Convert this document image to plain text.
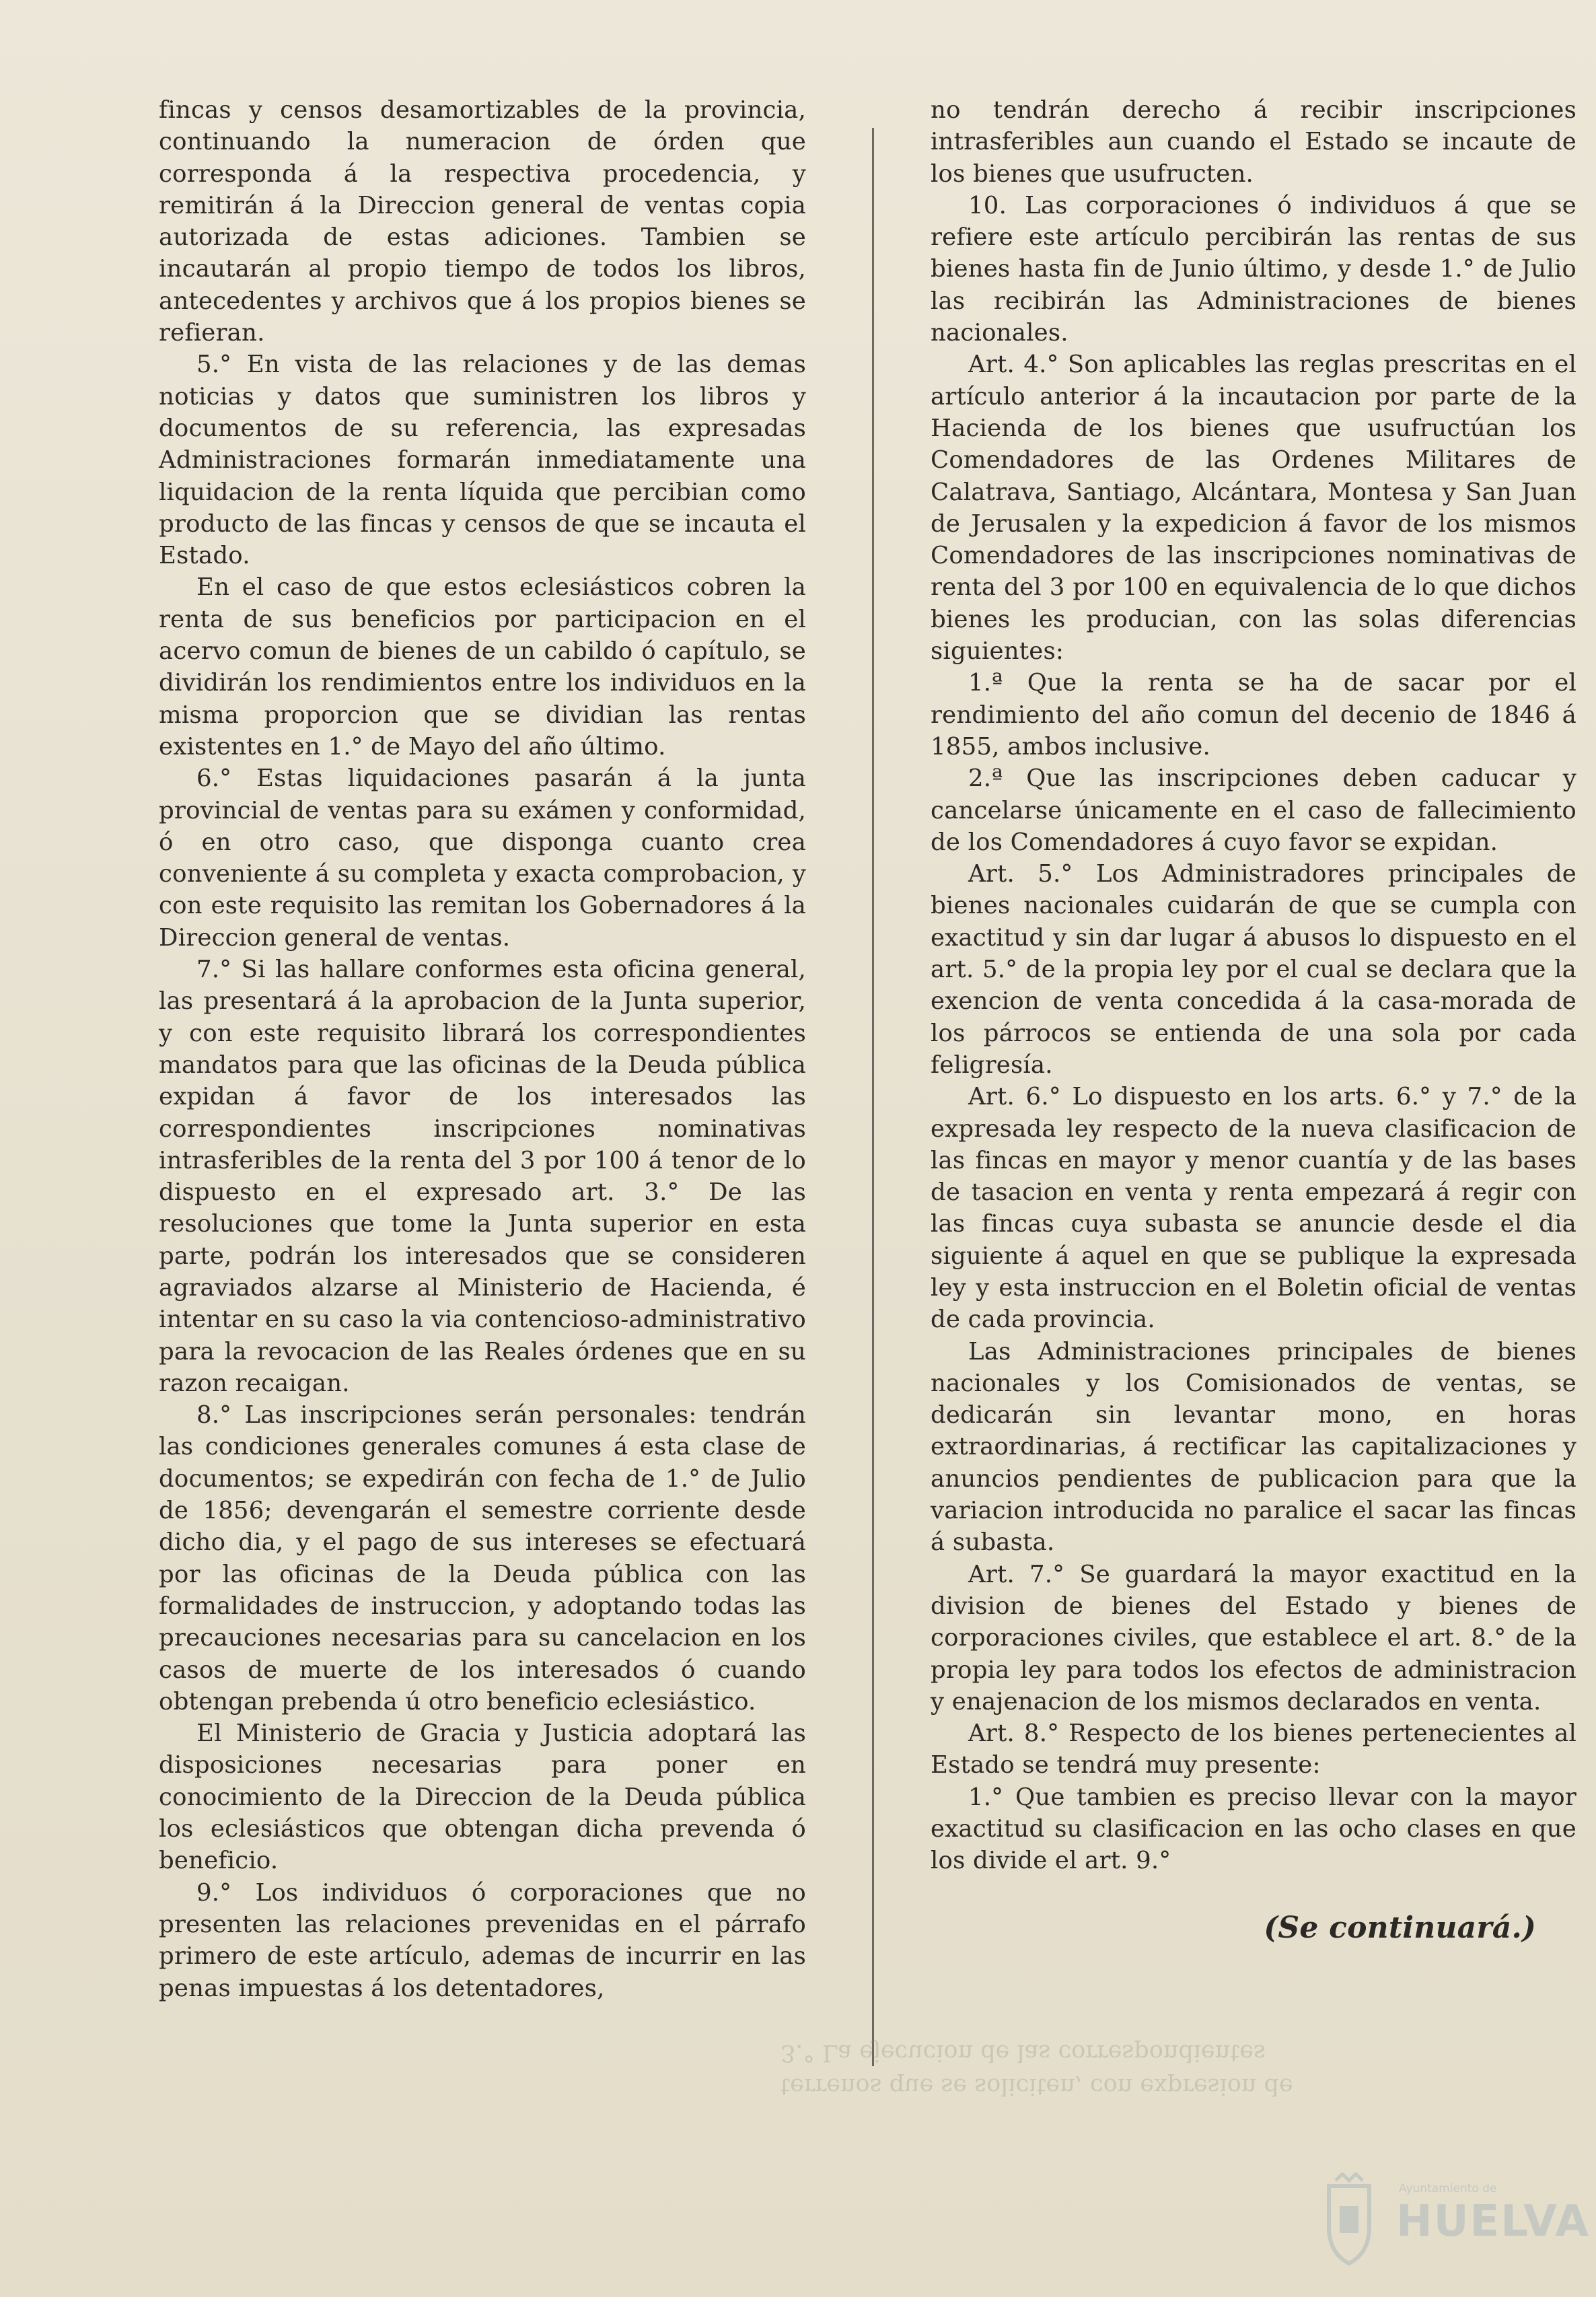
fincas y censos desamortizables de la provincia, continuando la numeracion de órden que corresponda á la respectiva procedencia, y remitirán á la Direccion general de ventas copia autorizada de estas adiciones. Tambien se incautarán al propio tiempo de todos los libros, antecedentes y archivos que á los propios bienes se refieran.

5.° En vista de las relaciones y de las demas noticias y datos que suministren los libros y documentos de su referencia, las expresadas Administraciones formarán inmediatamente una liquidacion de la renta líquida que percibian como producto de las fincas y censos de que se incauta el Estado.

En el caso de que estos eclesiásticos cobren la renta de sus beneficios por participacion en el acervo comun de bienes de un cabildo ó capítulo, se dividirán los rendimientos entre los individuos en la misma proporcion que se dividian las rentas existentes en 1.° de Mayo del año último.

6.° Estas liquidaciones pasarán á la junta provincial de ventas para su exámen y conformidad, ó en otro caso, que disponga cuanto crea conveniente á su completa y exacta comprobacion, y con este requisito las remitan los Gobernadores á la Direccion general de ventas.

7.° Si las hallare conformes esta oficina general, las presentará á la aprobacion de la Junta superior, y con este requisito librará los correspondientes mandatos para que las oficinas de la Deuda pública expidan á favor de los interesados las correspondientes inscripciones nominativas intrasferibles de la renta del 3 por 100 á tenor de lo dispuesto en el expresado art. 3.° De las resoluciones que tome la Junta superior en esta parte, podrán los interesados que se consideren agraviados alzarse al Ministerio de Hacienda, é intentar en su caso la via contencioso-administrativo para la revocacion de las Reales órdenes que en su razon recaigan.

8.° Las inscripciones serán personales: tendrán las condiciones generales comunes á esta clase de documentos; se expedirán con fecha de 1.° de Julio de 1856; devengarán el semestre corriente desde dicho dia, y el pago de sus intereses se efectuará por las oficinas de la Deuda pública con las formalidades de instruccion, y adoptando todas las precauciones necesarias para su cancelacion en los casos de muerte de los interesados ó cuando obtengan prebenda ú otro beneficio eclesiástico.

El Ministerio de Gracia y Justicia adoptará las disposiciones necesarias para poner en conocimiento de la Direccion de la Deuda pública los eclesiásticos que obtengan dicha prevenda ó beneficio.

9.° Los individuos ó corporaciones que no presenten las relaciones prevenidas en el párrafo primero de este artículo, ademas de incurrir en las penas impuestas á los detentadores,

no tendrán derecho á recibir inscripciones intrasferibles aun cuando el Estado se incaute de los bienes que usufructen.

10. Las corporaciones ó individuos á que se refiere este artículo percibirán las rentas de sus bienes hasta fin de Junio último, y desde 1.° de Julio las recibirán las Administraciones de bienes nacionales.

Art. 4.° Son aplicables las reglas prescritas en el artículo anterior á la incautacion por parte de la Hacienda de los bienes que usufructúan los Comendadores de las Ordenes Militares de Calatrava, Santiago, Alcántara, Montesa y San Juan de Jerusalen y la expedicion á favor de los mismos Comendadores de las inscripciones nominativas de renta del 3 por 100 en equivalencia de lo que dichos bienes les producian, con las solas diferencias siguientes:

1.ª Que la renta se ha de sacar por el rendimiento del año comun del decenio de 1846 á 1855, ambos inclusive.

2.ª Que las inscripciones deben caducar y cancelarse únicamente en el caso de fallecimiento de los Comendadores á cuyo favor se expidan.

Art. 5.° Los Administradores principales de bienes nacionales cuidarán de que se cumpla con exactitud y sin dar lugar á abusos lo dispuesto en el art. 5.° de la propia ley por el cual se declara que la exencion de venta concedida á la casa-morada de los párrocos se entienda de una sola por cada feligresía.

Art. 6.° Lo dispuesto en los arts. 6.° y 7.° de la expresada ley respecto de la nueva clasificacion de las fincas en mayor y menor cuantía y de las bases de tasacion en venta y renta empezará á regir con las fincas cuya subasta se anuncie desde el dia siguiente á aquel en que se publique la expresada ley y esta instruccion en el Boletin oficial de ventas de cada provincia.

Las Administraciones principales de bienes nacionales y los Comisionados de ventas, se dedicarán sin levantar mono, en horas extraordinarias, á rectificar las capitalizaciones y anuncios pendientes de publicacion para que la variacion introducida no paralice el sacar las fincas á subasta.

Art. 7.° Se guardará la mayor exactitud en la division de bienes del Estado y bienes de corporaciones civiles, que establece el art. 8.° de la propia ley para todos los efectos de administracion y enajenacion de los mismos declarados en venta.

Art. 8.° Respecto de los bienes pertenecientes al Estado se tendrá muy presente:

1.° Que tambien es preciso llevar con la mayor exactitud su clasificacion en las ocho clases en que los divide el art. 9.°

(Se continuará.)
3.° La ejecucion de las correspondientes
terrenos que se soliciten, con expresion de
Ayuntamiento de
HUELVA
